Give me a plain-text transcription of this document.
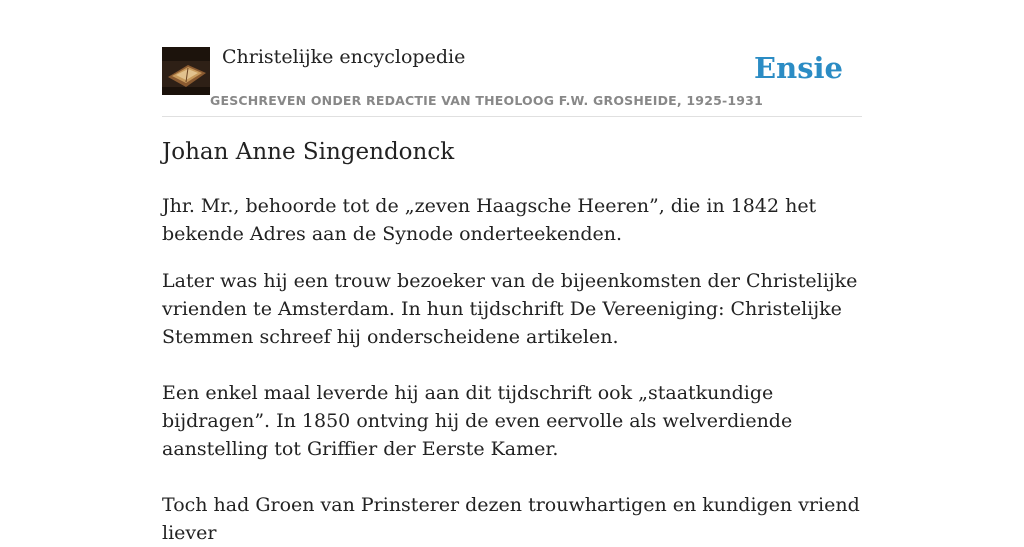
Christelijke encyclopedie
GESCHREVEN ONDER REDACTIE VAN THEOLOOG F.W. GROSHEIDE, 1925-1931
Ensie
Johan Anne Singendonck

Jhr. Mr., behoorde tot de „zeven Haagsche Heeren”, die in 1842 het bekende Adres aan de Synode onderteekenden.

Later was hij een trouw bezoeker van de bijeenkomsten der Christelijke vrienden te Amsterdam. In hun tijdschrift De Vereeniging: Christelijke Stemmen schreef hij onderscheidene artikelen.

Een enkel maal leverde hij aan dit tijdschrift ook „staatkundige bijdragen”. In 1850 ontving hij de even eervolle als welverdiende aanstelling tot Griffier der Eerste Kamer.

Toch had Groen van Prinsterer dezen trouwhartigen en kundigen vriend liever
